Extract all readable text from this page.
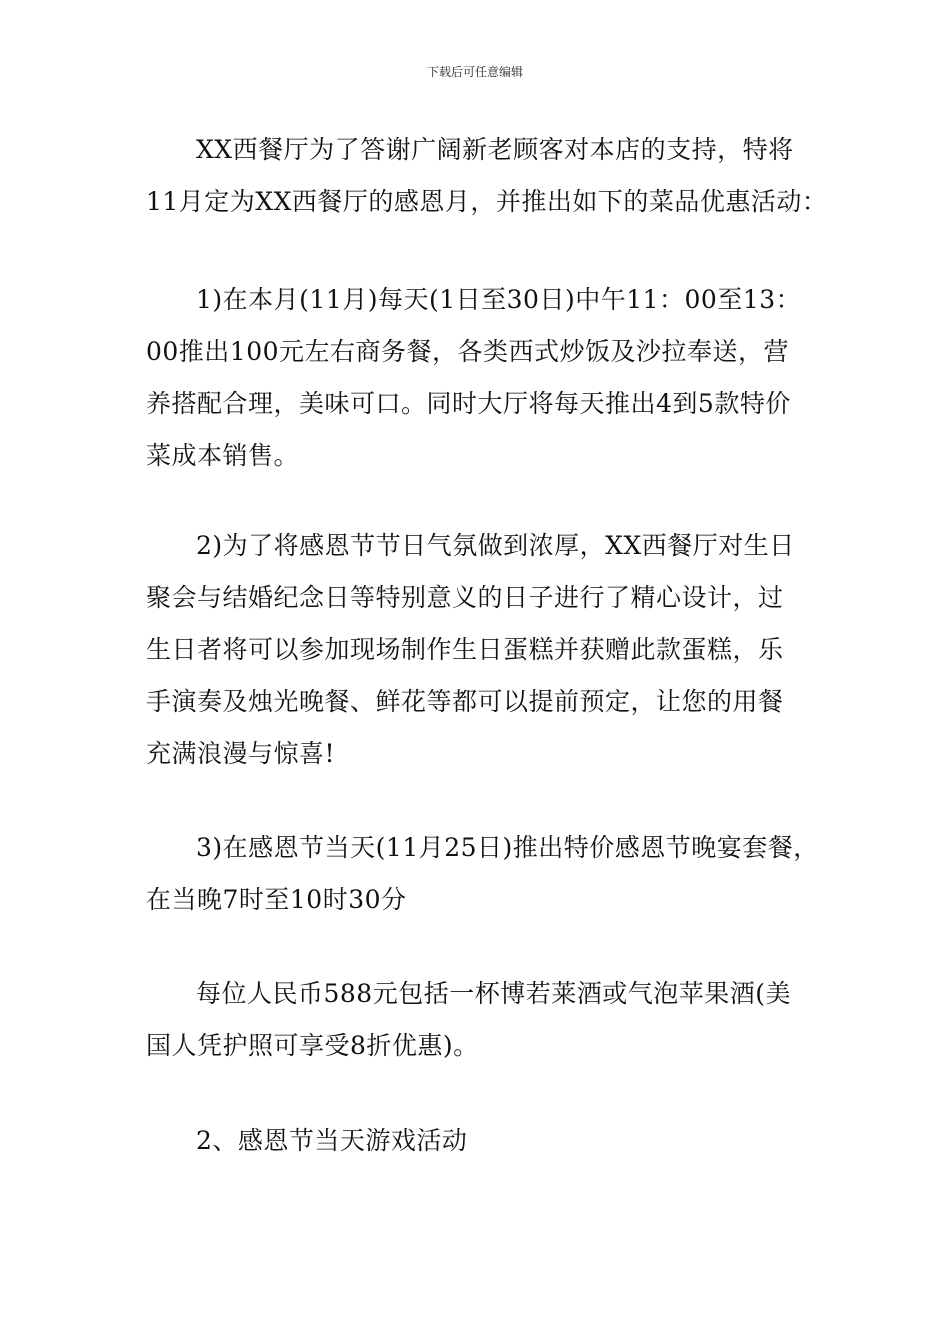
下载后可任意编辑
XX西餐厅为了答谢广阔新老顾客对本店的支持，特将
11月定为XX西餐厅的感恩月，并推出如下的菜品优惠活动：
1)在本月(11月)每天(1日至30日)中午11：00至13：
00推出100元左右商务餐，各类西式炒饭及沙拉奉送，营
养搭配合理，美味可口。同时大厅将每天推出4到5款特价
菜成本销售。
2)为了将感恩节节日气氛做到浓厚，XX西餐厅对生日
聚会与结婚纪念日等特别意义的日子进行了精心设计，过
生日者将可以参加现场制作生日蛋糕并获赠此款蛋糕，乐
手演奏及烛光晚餐、鲜花等都可以提前预定，让您的用餐
充满浪漫与惊喜!
3)在感恩节当天(11月25日)推出特价感恩节晚宴套餐，
在当晚7时至10时30分
每位人民币588元包括一杯博若莱酒或气泡苹果酒(美
国人凭护照可享受8折优惠)。
2、感恩节当天游戏活动
